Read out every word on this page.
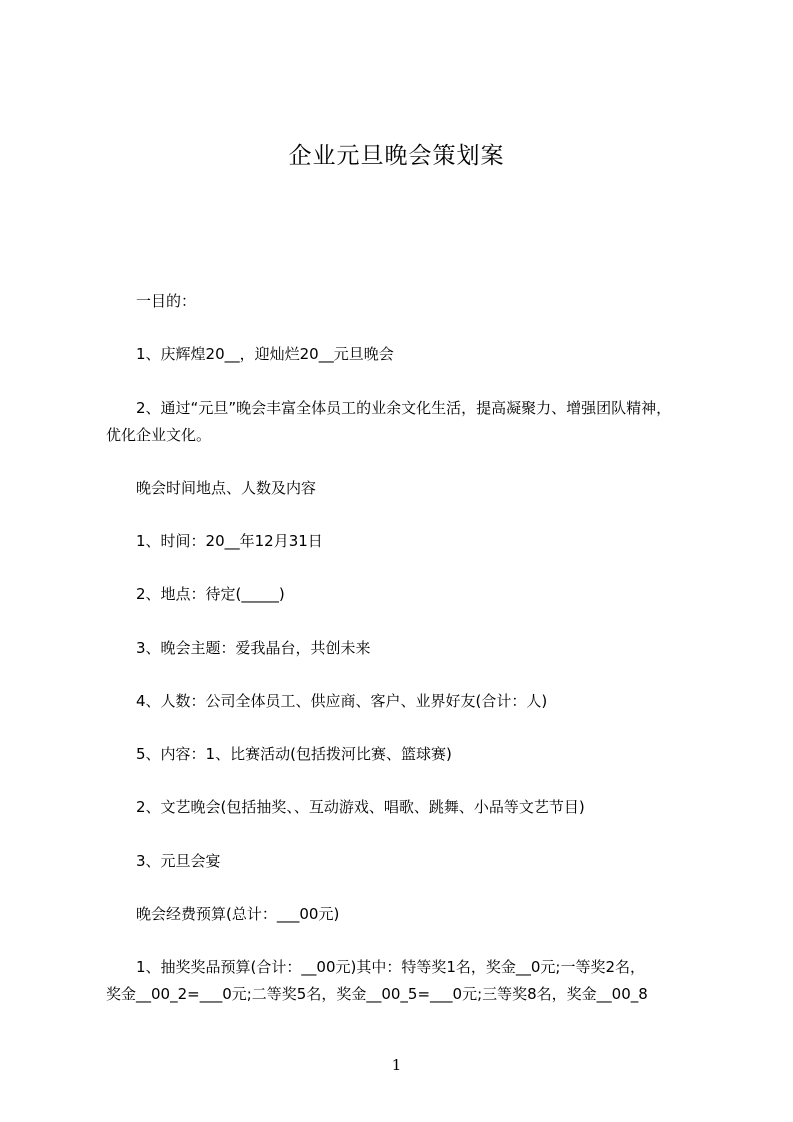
企业元旦晚会策划案
一目的：
1、庆辉煌20__，迎灿烂20__元旦晚会
2、通过“元旦”晚会丰富全体员工的业余文化生活，提高凝聚力、增强团队精神，
优化企业文化。
晚会时间地点、人数及内容
1、时间：20__年12月31日
2、地点：待定(_____)
3、晚会主题：爱我晶台，共创未来
4、人数：公司全体员工、供应商、客户、业界好友(合计：人)
5、内容：1、比赛活动(包括拨河比赛、篮球赛)
2、文艺晚会(包括抽奖、、互动游戏、唱歌、跳舞、小品等文艺节目)
3、元旦会宴
晚会经费预算(总计：___00元)
1、抽奖奖品预算(合计：__00元)其中：特等奖1名，奖金__0元;一等奖2名，
奖金__00_2=___0元;二等奖5名，奖金__00_5=___0元;三等奖8名，奖金__00_8
1
